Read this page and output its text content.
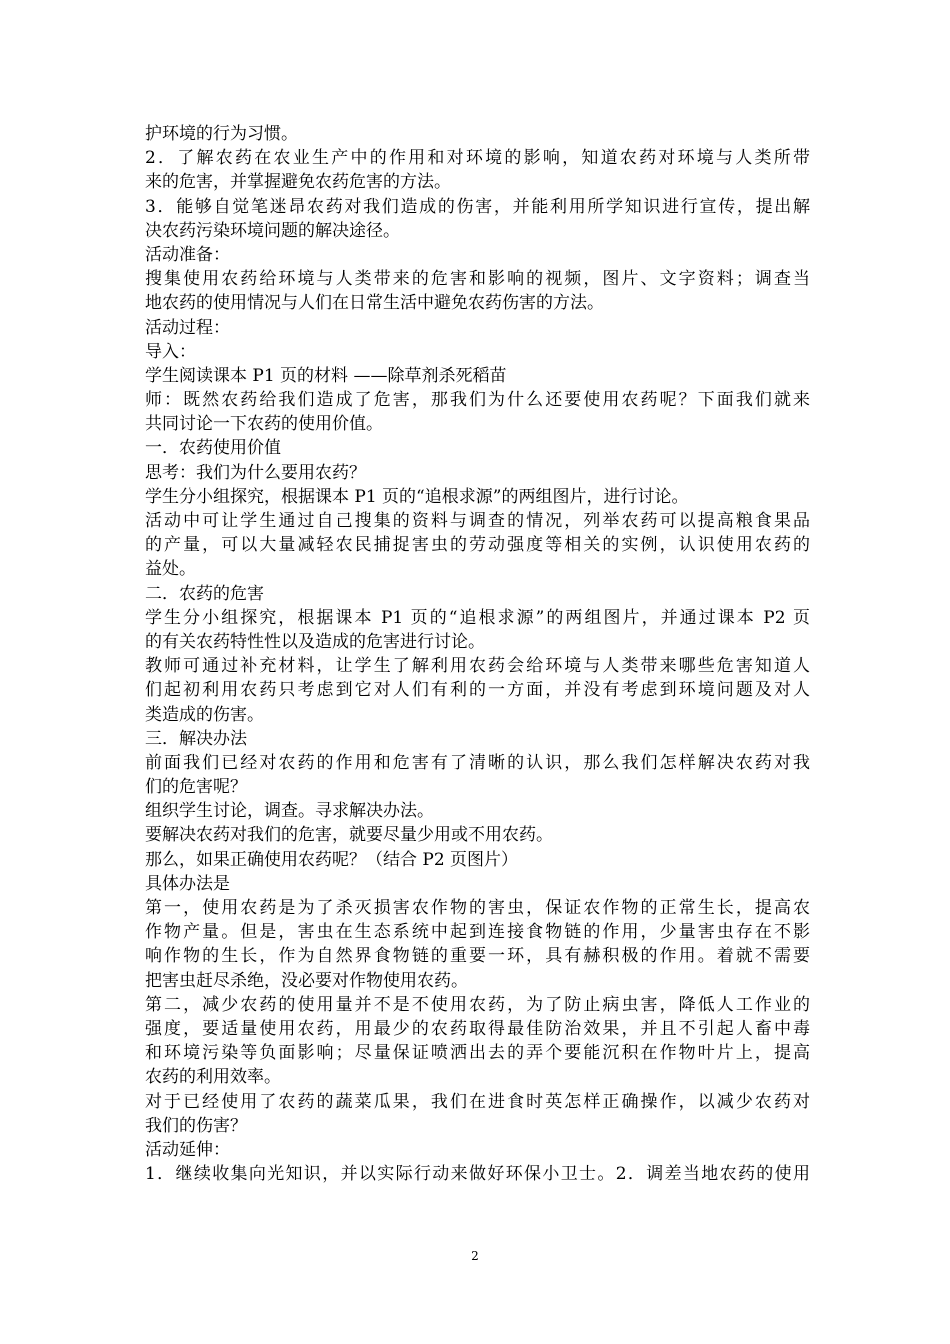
护环境的行为习惯。
2．了解农药在农业生产中的作用和对环境的影响，知道农药对环境与人类所带
来的危害，并掌握避免农药危害的方法。
3．能够自觉笔迷昂农药对我们造成的伤害，并能利用所学知识进行宣传，提出解
决农药污染环境问题的解决途径。
活动准备：
搜集使用农药给环境与人类带来的危害和影响的视频，图片、文字资料；调查当
地农药的使用情况与人们在日常生活中避免农药伤害的方法。
活动过程：
导入：
学生阅读课本 P1 页的材料 ——除草剂杀死稻苗
师：既然农药给我们造成了危害，那我们为什么还要使用农药呢？下面我们就来
共同讨论一下农药的使用价值。
一．农药使用价值
思考：我们为什么要用农药？
学生分小组探究，根据课本 P1 页的“追根求源”的两组图片，进行讨论。
活动中可让学生通过自己搜集的资料与调查的情况，列举农药可以提高粮食果品
的产量，可以大量减轻农民捕捉害虫的劳动强度等相关的实例，认识使用农药的
益处。
二．农药的危害
学生分小组探究，根据课本 P1 页的“追根求源”的两组图片，并通过课本 P2 页
的有关农药特性性以及造成的危害进行讨论。
教师可通过补充材料，让学生了解利用农药会给环境与人类带来哪些危害知道人
们起初利用农药只考虑到它对人们有利的一方面，并没有考虑到环境问题及对人
类造成的伤害。
三．解决办法
前面我们已经对农药的作用和危害有了清晰的认识，那么我们怎样解决农药对我
们的危害呢？
组织学生讨论，调查。寻求解决办法。
要解决农药对我们的危害，就要尽量少用或不用农药。
那么，如果正确使用农药呢？（结合 P2 页图片）
具体办法是
第一，使用农药是为了杀灭损害农作物的害虫，保证农作物的正常生长，提高农
作物产量。但是，害虫在生态系统中起到连接食物链的作用，少量害虫存在不影
响作物的生长，作为自然界食物链的重要一环，具有赫积极的作用。着就不需要
把害虫赶尽杀绝，没必要对作物使用农药。
第二，减少农药的使用量并不是不使用农药，为了防止病虫害，降低人工作业的
强度，要适量使用农药，用最少的农药取得最佳防治效果，并且不引起人畜中毒
和环境污染等负面影响；尽量保证喷洒出去的弄个要能沉积在作物叶片上，提高
农药的利用效率。
对于已经使用了农药的蔬菜瓜果，我们在进食时英怎样正确操作，以减少农药对
我们的伤害？
活动延伸：
1．继续收集向光知识，并以实际行动来做好环保小卫士。2．调差当地农药的使用
2
